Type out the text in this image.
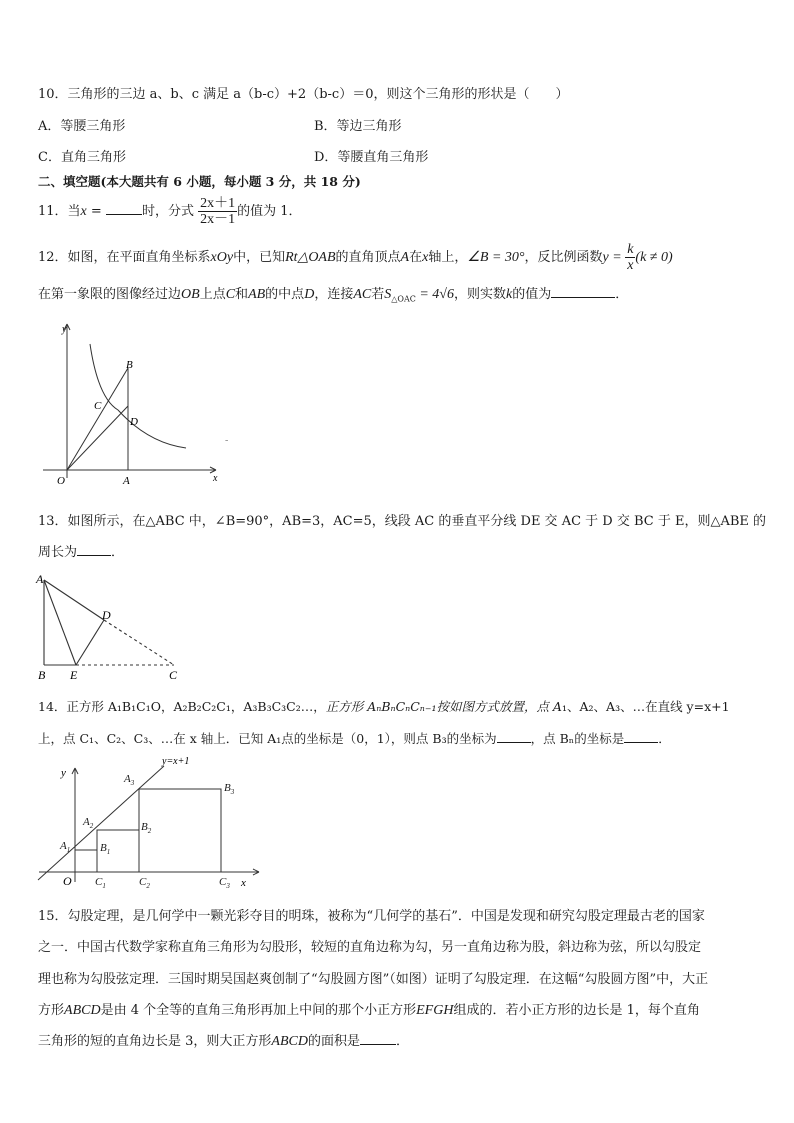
10．三角形的三边 a、b、c 满足 a（b‐c）+2（b‐c）＝0，则这个三角形的形状是（　　）
A．等腰三角形	B．等边三角形
C．直角三角形	D．等腰直角三角形
二、填空题(本大题共有 6 小题，每小题 3 分，共 18 分)
11．当x =	时，分式 $\frac{2x+1}{2x-1}$ 的值为 1．
12．如图，在平面直角坐标系xOy中，已知Rt△OAB的直角顶点A在x轴上，∠B = 30°，反比例函数$y = \frac{k}{x} (k \ne 0)$
在第一象限的图像经过边OB上点C和AB的中点D，连接AC若$S_{\triangle OAC} = 4√6$，则实数k的值为	．
y
x
O	A
B
C
D
-
13．如图所示，在△ABC 中，∠B=90°，AB=3，AC=5，线段 AC 的垂直平分线 DE 交 AC 于 D 交 BC 于 E，则△ABE 的
周长为	．
A
B E
D
C
14．正方形 A₁B₁C₁O，A₂B₂C₂C₁，A₃B₃C₃C₂…，正方形 AₙBₙCₙCₙ₋₁按如图方式放置，点 A₁、A₂、A₃、…在直线 y=x+1
上，点 C₁、C₂、C₃、…在 x 轴上．已知 A₁点的坐标是（0，1），则点 B₃的坐标为	，点 Bₙ的坐标是	．
y=x+1
y
x
O
$A_1$
$A_2$
$A_3$
$B_1$
$B_2$
$B_3$
$C_1$	$C_2$	$C_3$
15．勾股定理，是几何学中一颗光彩夺目的明珠，被称为“几何学的基石”．中国是发现和研究勾股定理最古老的国家
之一．中国古代数学家称直角三角形为勾股形，较短的直角边称为勾，另一直角边称为股，斜边称为弦，所以勾股定
理也称为勾股弦定理．三国时期吴国赵爽创制了“勾股圆方图”（如图）证明了勾股定理．在这幅“勾股圆方图”中，大正
方形ABCD是由 4 个全等的直角三角形再加上中间的那个小正方形EFGH组成的．若小正方形的边长是 1，每个直角
三角形的短的直角边长是 3，则大正方形ABCD的面积是	．
